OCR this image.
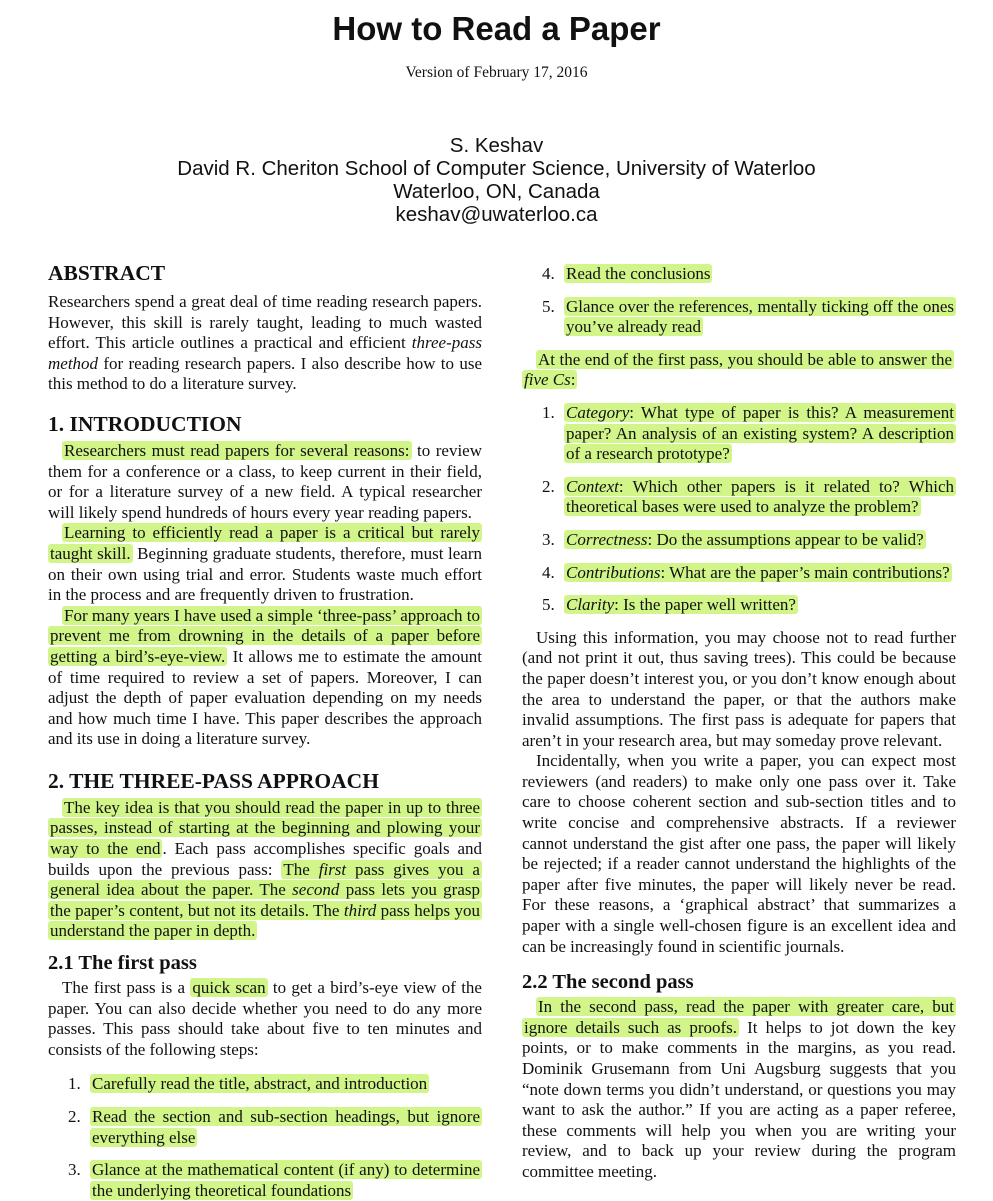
How to Read a Paper
Version of February 17, 2016
S. Keshav
David R. Cheriton School of Computer Science, University of Waterloo
Waterloo, ON, Canada
keshav@uwaterloo.ca
ABSTRACT

Researchers spend a great deal of time reading research papers. However, this skill is rarely taught, leading to much wasted effort. This article outlines a practical and efficient three-pass method for reading research papers. I also describe how to use this method to do a literature survey.

1. INTRODUCTION

Researchers must read papers for several reasons: to review them for a conference or a class, to keep current in their field, or for a literature survey of a new field. A typical researcher will likely spend hundreds of hours every year reading papers.

Learning to efficiently read a paper is a critical but rarely taught skill. Beginning graduate students, therefore, must learn on their own using trial and error. Students waste much effort in the process and are frequently driven to frustration.

For many years I have used a simple ‘three-pass’ approach to prevent me from drowning in the details of a paper before getting a bird’s-eye-view. It allows me to estimate the amount of time required to review a set of papers. Moreover, I can adjust the depth of paper evaluation depending on my needs and how much time I have. This paper describes the approach and its use in doing a literature survey.

2. THE THREE-PASS APPROACH

The key idea is that you should read the paper in up to three passes, instead of starting at the beginning and plowing your way to the end . Each pass accomplishes specific goals and builds upon the previous pass: The first pass gives you a general idea about the paper. The second pass lets you grasp the paper’s content, but not its details. The third pass helps you understand the paper in depth.

2.1 The first pass

The first pass is a quick scan to get a bird’s-eye view of the paper. You can also decide whether you need to do any more passes. This pass should take about five to ten minutes and consists of the following steps:

1. Carefully read the title, abstract, and introduction
2. Read the section and sub-section headings, but ignore everything else
3. Glance at the mathematical content (if any) to determine the underlying theoretical foundations
4. Read the conclusions
5. Glance over the references, mentally ticking off the ones you’ve already read

At the end of the first pass, you should be able to answer the five Cs:

1. Category: What type of paper is this? A measurement paper? An analysis of an existing system? A description of a research prototype?
2. Context: Which other papers is it related to? Which theoretical bases were used to analyze the problem?
3. Correctness: Do the assumptions appear to be valid?
4. Contributions: What are the paper’s main contributions?
5. Clarity: Is the paper well written?

Using this information, you may choose not to read further (and not print it out, thus saving trees). This could be because the paper doesn’t interest you, or you don’t know enough about the area to understand the paper, or that the authors make invalid assumptions. The first pass is adequate for papers that aren’t in your research area, but may someday prove relevant.

Incidentally, when you write a paper, you can expect most reviewers (and readers) to make only one pass over it. Take care to choose coherent section and sub-section titles and to write concise and comprehensive abstracts. If a reviewer cannot understand the gist after one pass, the paper will likely be rejected; if a reader cannot understand the highlights of the paper after five minutes, the paper will likely never be read. For these reasons, a ‘graphical abstract’ that summarizes a paper with a single well-chosen figure is an excellent idea and can be increasingly found in scientific journals.

2.2 The second pass

In the second pass, read the paper with greater care, but ignore details such as proofs. It helps to jot down the key points, or to make comments in the margins, as you read. Dominik Grusemann from Uni Augsburg suggests that you “note down terms you didn’t understand, or questions you may want to ask the author.” If you are acting as a paper referee, these comments will help you when you are writing your review, and to back up your review during the program committee meeting.
